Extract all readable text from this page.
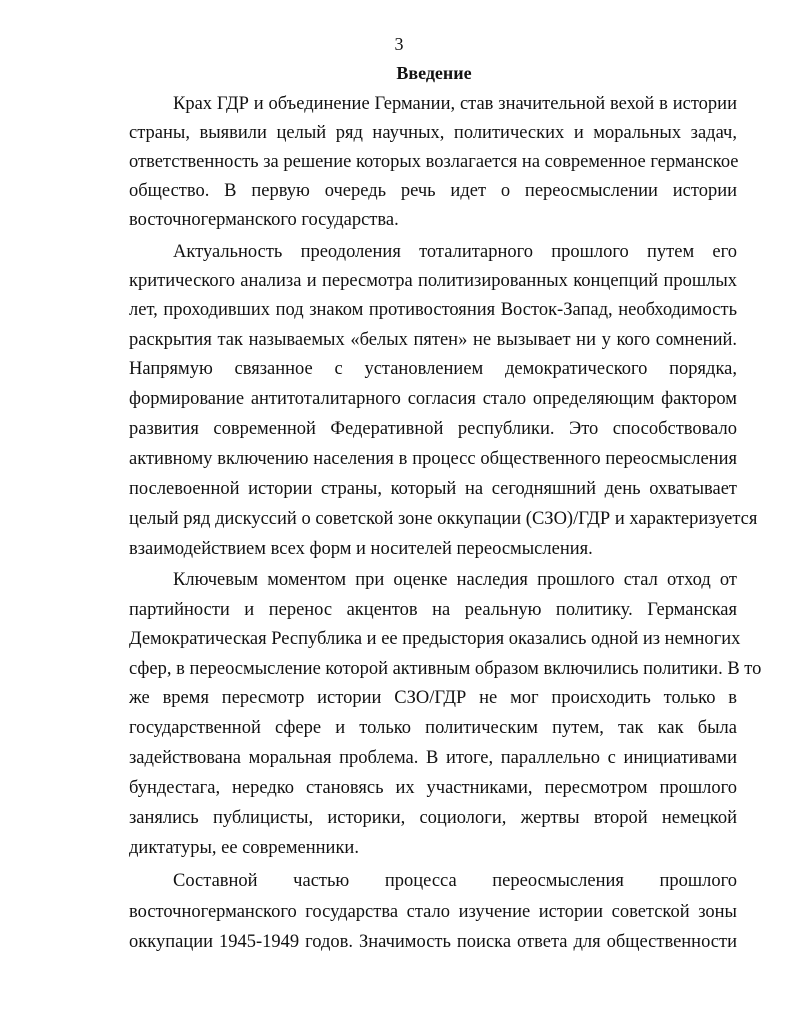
3
Введение
Крах ГДР и объединение Германии, став значительной вехой в истории
страны, выявили целый ряд научных, политических и моральных задач,
ответственность за решение которых возлагается на современное германское
общество. В первую очередь речь идет о переосмыслении истории
восточногерманского государства.
Актуальность преодоления тоталитарного прошлого путем его
критического анализа и пересмотра политизированных концепций прошлых
лет, проходивших под знаком противостояния Восток-Запад, необходимость
раскрытия так называемых «белых пятен» не вызывает ни у кого сомнений.
Напрямую связанное с установлением демократического порядка,
формирование антитоталитарного согласия стало определяющим фактором
развития современной Федеративной республики. Это способствовало
активному включению населения в процесс общественного переосмысления
послевоенной истории страны, который на сегодняшний день охватывает
целый ряд дискуссий о советской зоне оккупации (СЗО)/ГДР и характеризуется
взаимодействием всех форм и носителей переосмысления.
Ключевым моментом при оценке наследия прошлого стал отход от
партийности и перенос акцентов на реальную политику. Германская
Демократическая Республика и ее предыстория оказались одной из немногих
сфер, в переосмысление которой активным образом включились политики. В то
же время пересмотр истории СЗО/ГДР не мог происходить только в
государственной сфере и только политическим путем, так как была
задействована моральная проблема. В итоге, параллельно с инициативами
бундестага, нередко становясь их участниками, пересмотром прошлого
занялись публицисты, историки, социологи, жертвы второй немецкой
диктатуры, ее современники.
Составной частью процесса переосмысления прошлого
восточногерманского государства стало изучение истории советской зоны
оккупации 1945-1949 годов. Значимость поиска ответа для общественности
